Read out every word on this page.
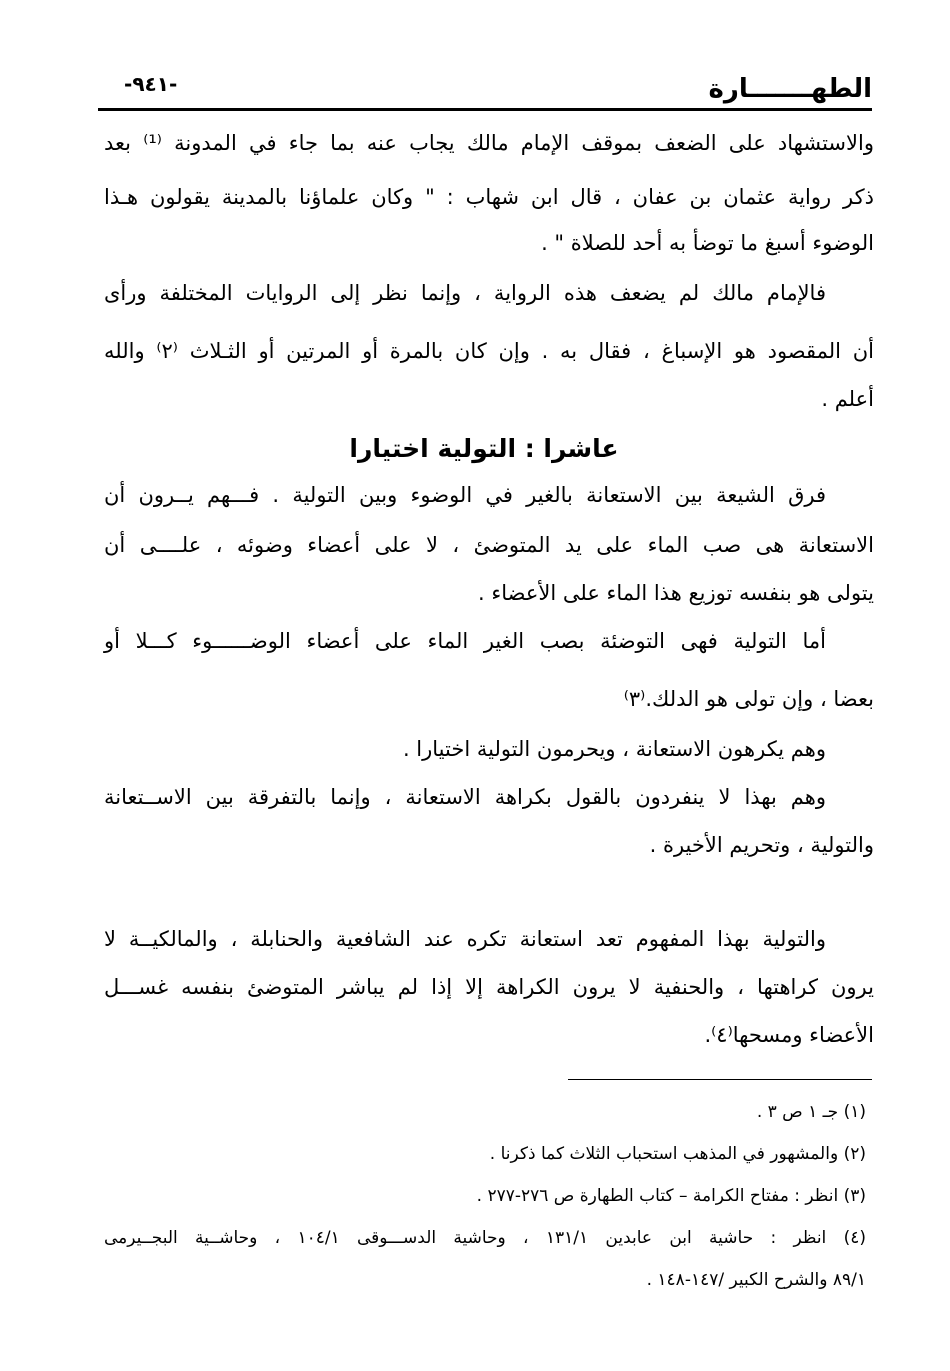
-٩٤١-	الطهـــــــارة
والاستشهاد على الضعف بموقف الإمام مالك يجاب عنه بما جاء في المدونة ⁽¹⁾ بعد
ذكر رواية عثمان بن عفان ، قال ابن شهاب : " وكان علماؤنا بالمدينة يقولون هـذا
الوضوء أسبغ ما توضأ به أحد للصلاة " .
فالإمام مالك لم يضعف هذه الرواية ، وإنما نظر إلى الروايات المختلفة ورأى
أن المقصود هو الإسباغ ، فقال به . وإن كان بالمرة أو المرتين أو الثـلاث ⁽٢⁾ والله
أعلم .
عاشرا : التولية اختيارا
فرق الشيعة بين الاستعانة بالغير في الوضوء وبين التولية . فـــهم يــرون أن
الاستعانة هى صب الماء على يد المتوضئ ، لا على أعضاء وضوئه ، علــــى أن
يتولى هو بنفسه توزيع هذا الماء على الأعضاء .
أما التولية فهى التوضئة بصب الغير الماء على أعضاء الوضــــــوء كـــلا أو
بعضا ، وإن تولى هو الدلك.⁽٣⁾
وهم يكرهون الاستعانة ، ويحرمون التولية اختيارا .
وهم بهذا لا ينفردون بالقول بكراهة الاستعانة ، وإنما بالتفرقة بين الاســتعانة
والتولية ، وتحريم الأخيرة .
والتولية بهذا المفهوم تعد استعانة تكره عند الشافعية والحنابلة ، والمالكيــة لا
يرون كراهتها ، والحنفية لا يرون الكراهة إلا إذا لم يباشر المتوضئ بنفسه غســـل
الأعضاء ومسحها⁽٤⁾.
(١) جـ ١ ص ٣ .
(٢) والمشهور في المذهب استحباب الثلاث كما ذكرنا .
(٣) انظر : مفتاح الكرامة – كتاب الطهارة ص ٢٧٦-٢٧٧ .
(٤) انظر : حاشية ابن عابدين ١٣١/١ ، وحاشية الدســـوقى ١٠٤/١ ، وحاشــية البجــيرمى
٨٩/١ والشرح الكبير /١٤٧-١٤٨ .
